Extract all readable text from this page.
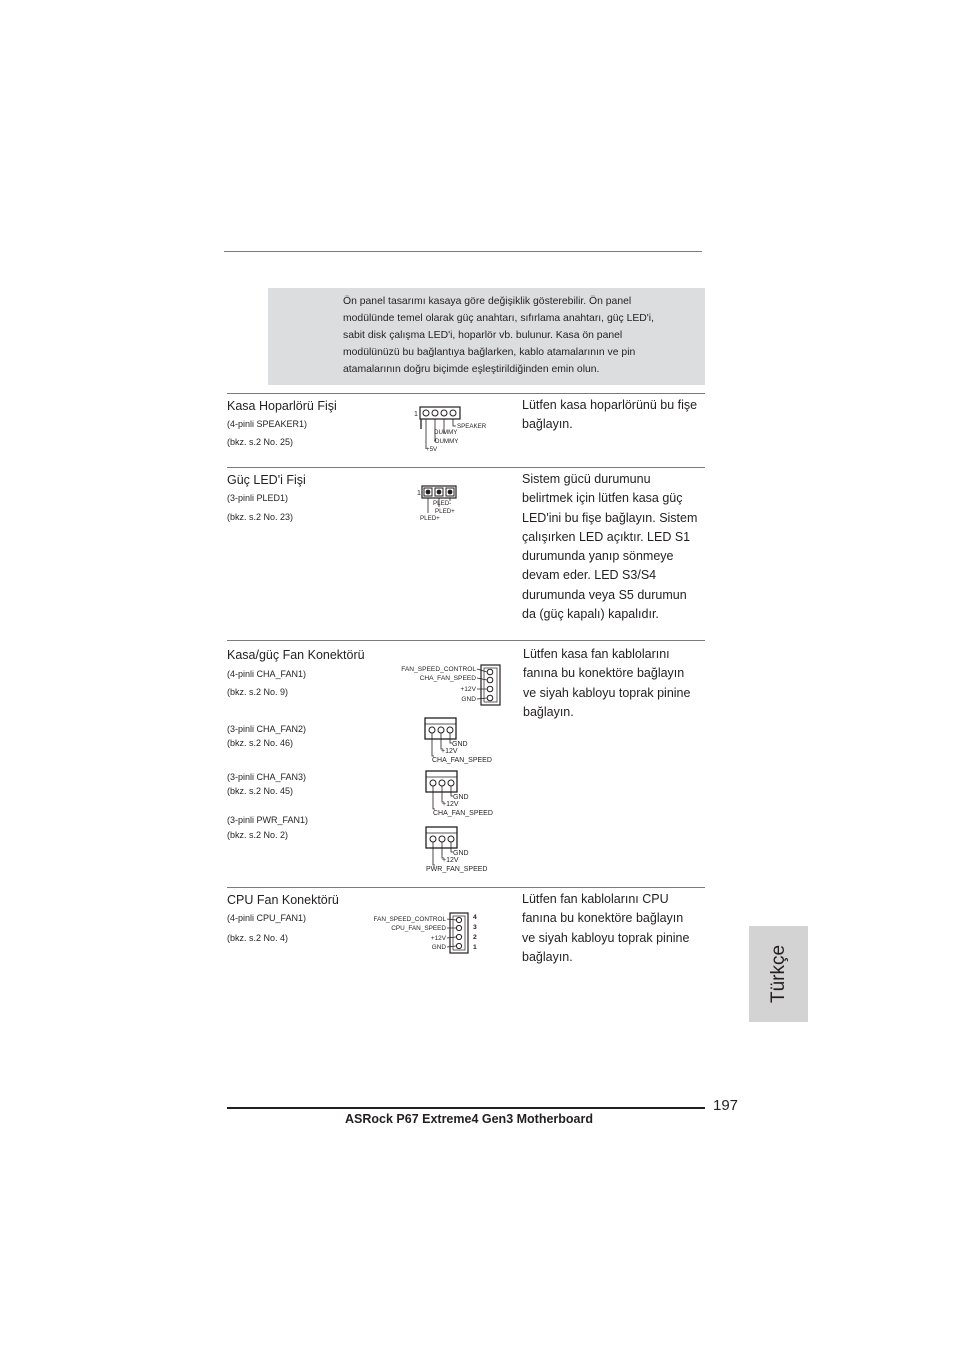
Ön panel tasarımı kasaya göre değişiklik gösterebilir. Ön panel
modülünde temel olarak güç anahtarı, sıfırlama anahtarı, güç LED'i,
sabit disk çalışma LED'i, hoparlör vb. bulunur. Kasa ön panel
modülünüzü bu bağlantıya bağlarken, kablo atamalarının ve pin
atamalarının doğru biçimde eşleştirildiğinden emin olun.
Kasa Hoparlörü Fişi
(4-pinli SPEAKER1)
(bkz. s.2 No. 25)
Lütfen kasa hoparlörünü bu fişe
bağlayın.
1
SPEAKER
DUMMY
DUMMY
+5V
Güç LED'i Fişi
(3-pinli PLED1)
(bkz. s.2 No. 23)
Sistem gücü durumunu
belirtmek için lütfen kasa güç
LED'ini bu fişe bağlayın. Sistem
çalışırken LED açıktır. LED S1
durumunda yanıp sönmeye
devam eder. LED S3/S4
durumunda veya S5 durumun
da (güç kapalı) kapalıdır.
1
PLED-
PLED+
PLED+
Kasa/güç Fan Konektörü
(4-pinli CHA_FAN1)
(bkz. s.2 No. 9)
(3-pinli CHA_FAN2)
(bkz. s.2 No. 46)
(3-pinli CHA_FAN3)
(bkz. s.2 No. 45)
(3-pinli PWR_FAN1)
(bkz. s.2 No. 2)
Lütfen kasa fan kablolarını
fanına bu konektöre bağlayın
ve siyah kabloyu toprak pinine
bağlayın.
FAN_SPEED_CONTROL
CHA_FAN_SPEED
+12V
GND
GND
+12V
CHA_FAN_SPEED
GND
+12V
CHA_FAN_SPEED
GND
+12V
PWR_FAN_SPEED
CPU Fan Konektörü
(4-pinli CPU_FAN1)
(bkz. s.2 No. 4)
Lütfen fan kablolarını CPU
fanına bu konektöre bağlayın
ve siyah kabloyu toprak pinine
bağlayın.
FAN_SPEED_CONTROL
CPU_FAN_SPEED
+12V
GND
4
3
2
1	Türkçe
197
ASRock P67 Extreme4 Gen3 Motherboard
